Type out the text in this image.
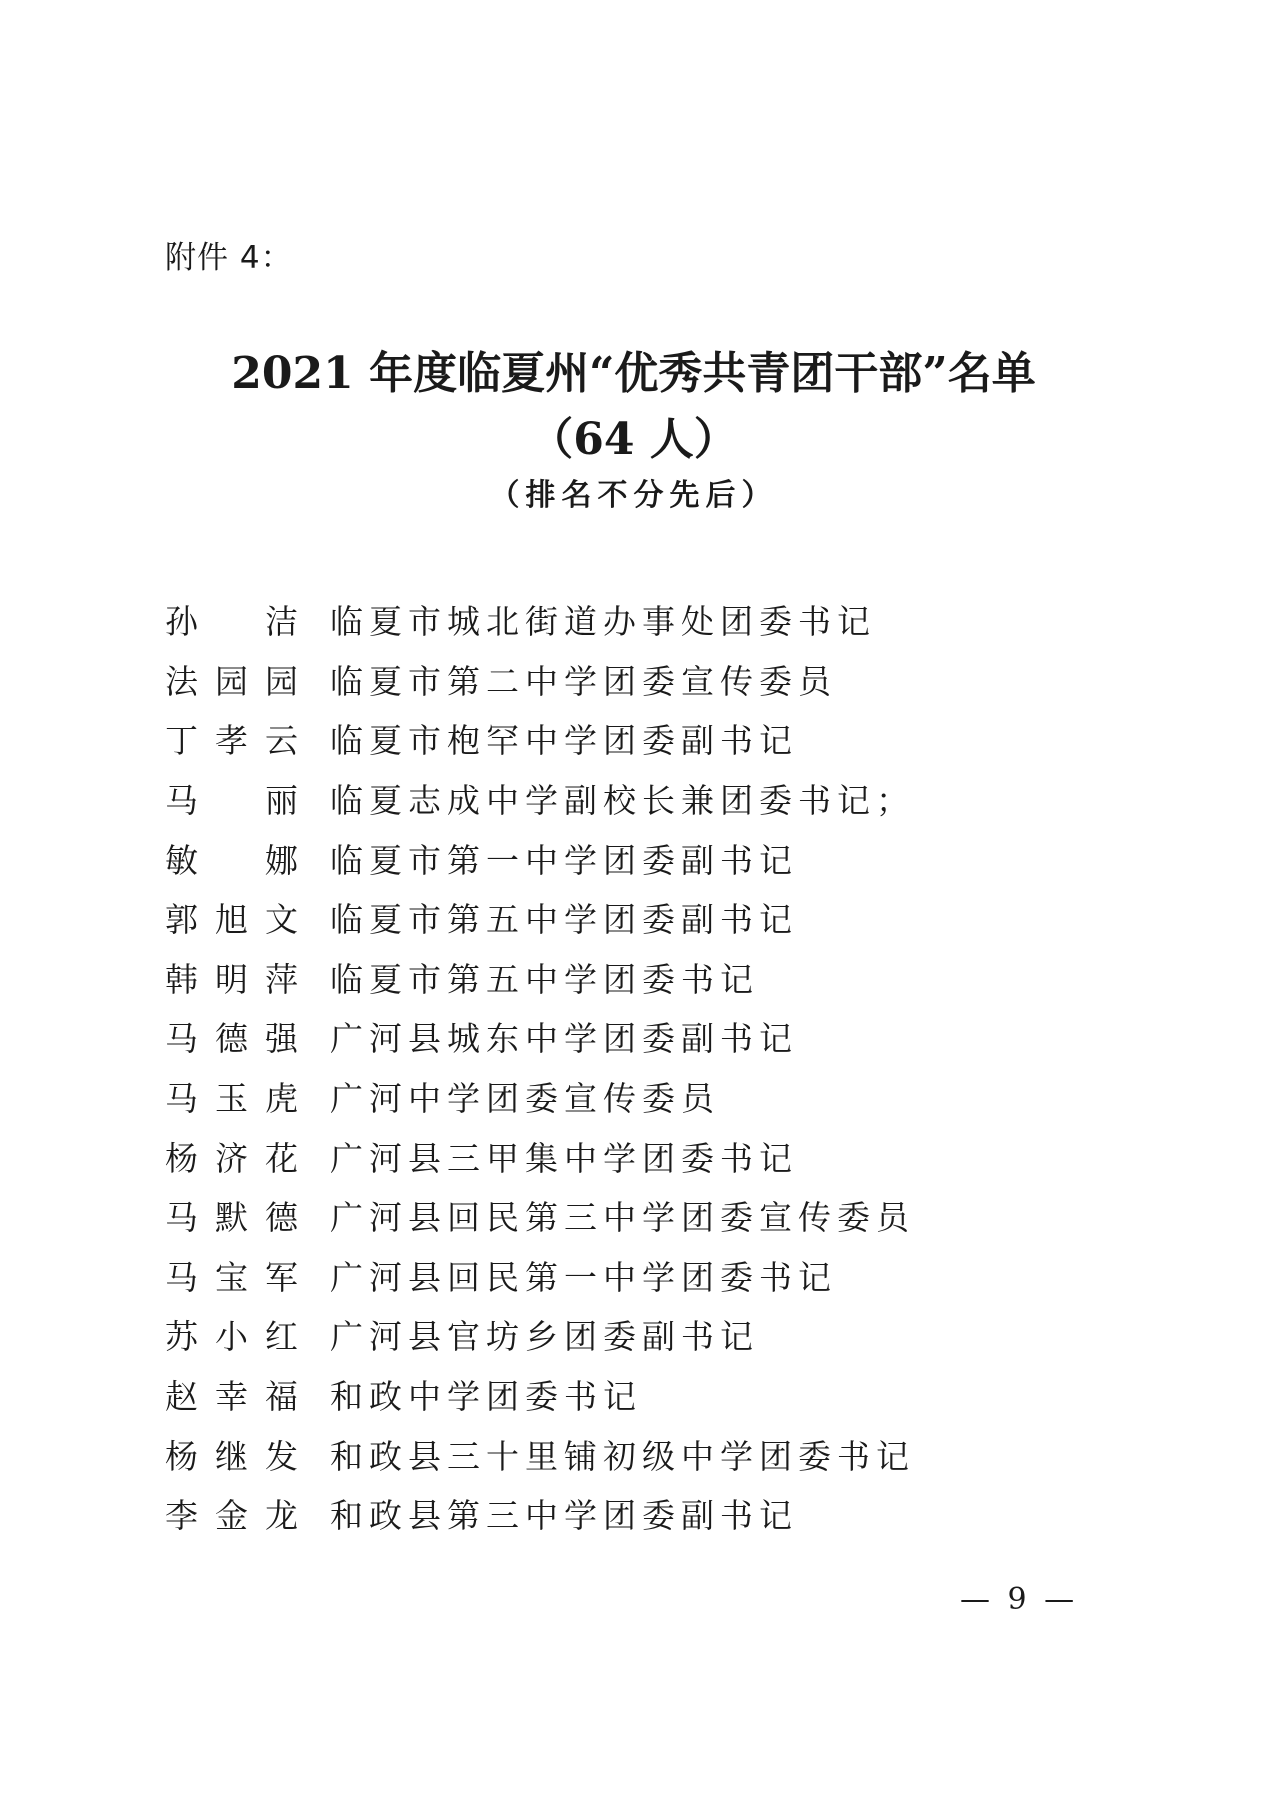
附件 4：
2021 年度临夏州“优秀共青团干部”名单
（64 人）
（排名不分先后）
孙 洁 临夏市城北街道办事处团委书记
法 园 园 临夏市第二中学团委宣传委员
丁 孝 云 临夏市枹罕中学团委副书记
马 丽 临夏志成中学副校长兼团委书记；
敏 娜 临夏市第一中学团委副书记
郭 旭 文 临夏市第五中学团委副书记
韩 明 萍 临夏市第五中学团委书记
马 德 强 广河县城东中学团委副书记
马 玉 虎 广河中学团委宣传委员
杨 济 花 广河县三甲集中学团委书记
马 默 德 广河县回民第三中学团委宣传委员
马 宝 军 广河县回民第一中学团委书记
苏 小 红 广河县官坊乡团委副书记
赵 幸 福 和政中学团委书记
杨 继 发 和政县三十里铺初级中学团委书记
李 金 龙 和政县第三中学团委副书记
— 9 —
